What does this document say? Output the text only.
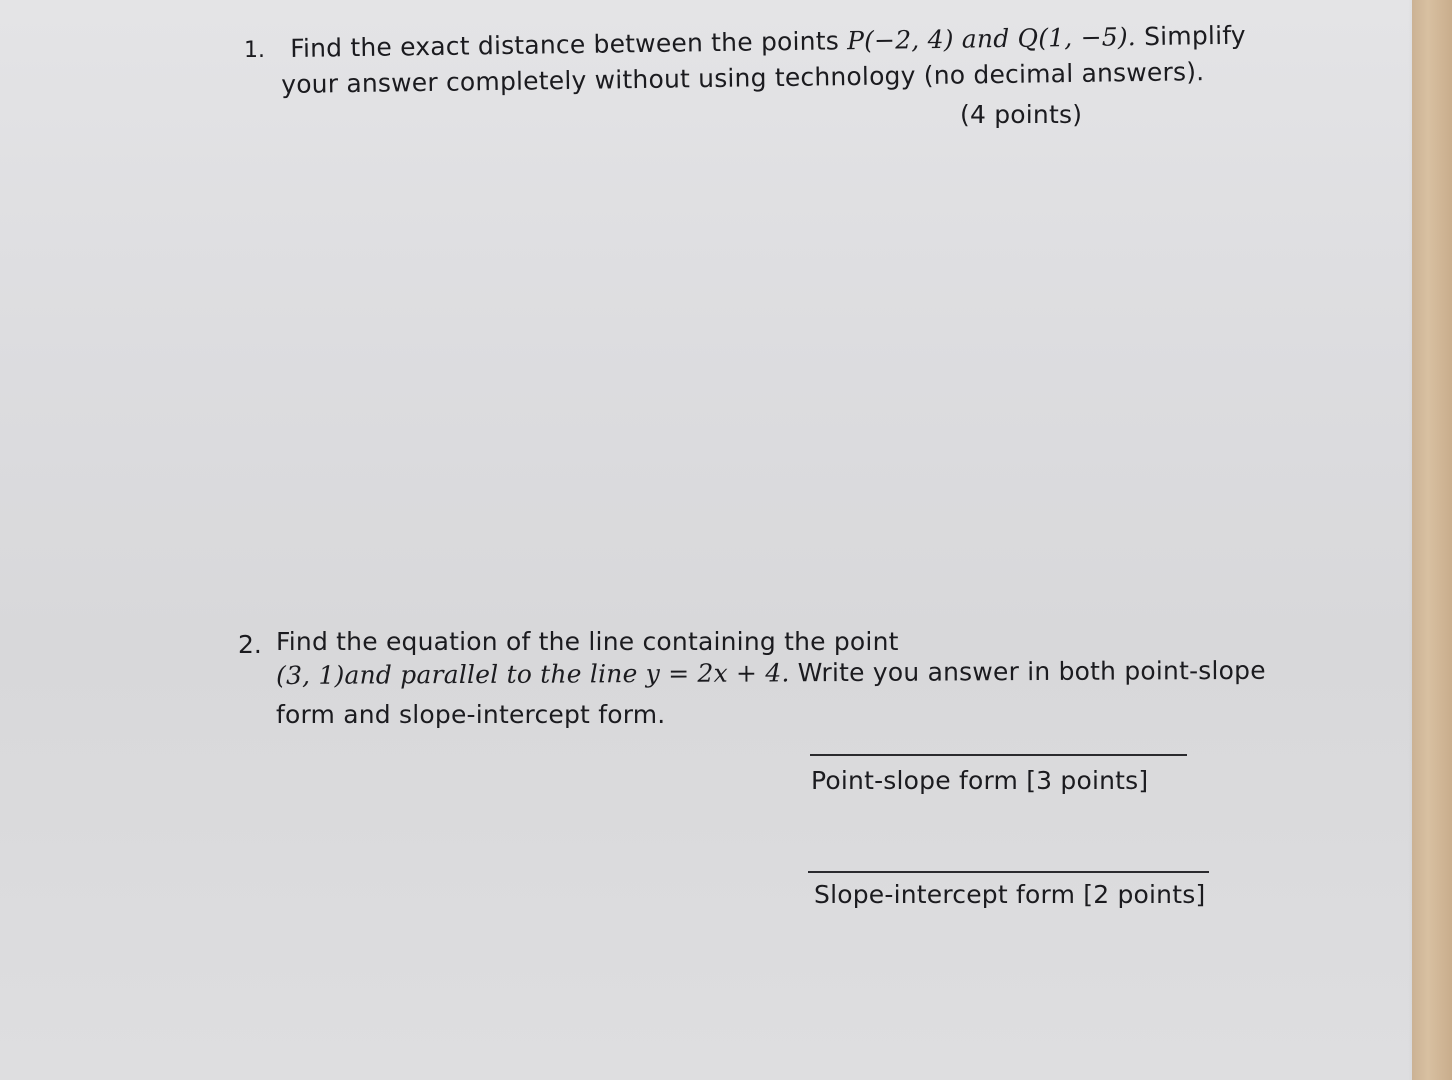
1. Find the exact distance between the points P(−2, 4) and Q(1, −5). Simplify
your answer completely without using technology (no decimal answers).
(4 points)
2. Find the equation of the line containing the point
(3, 1)and parallel to the line y = 2x + 4. Write you answer in both point-slope
form and slope-intercept form.
Point-slope form [3 points]
Slope-intercept form [2 points]
